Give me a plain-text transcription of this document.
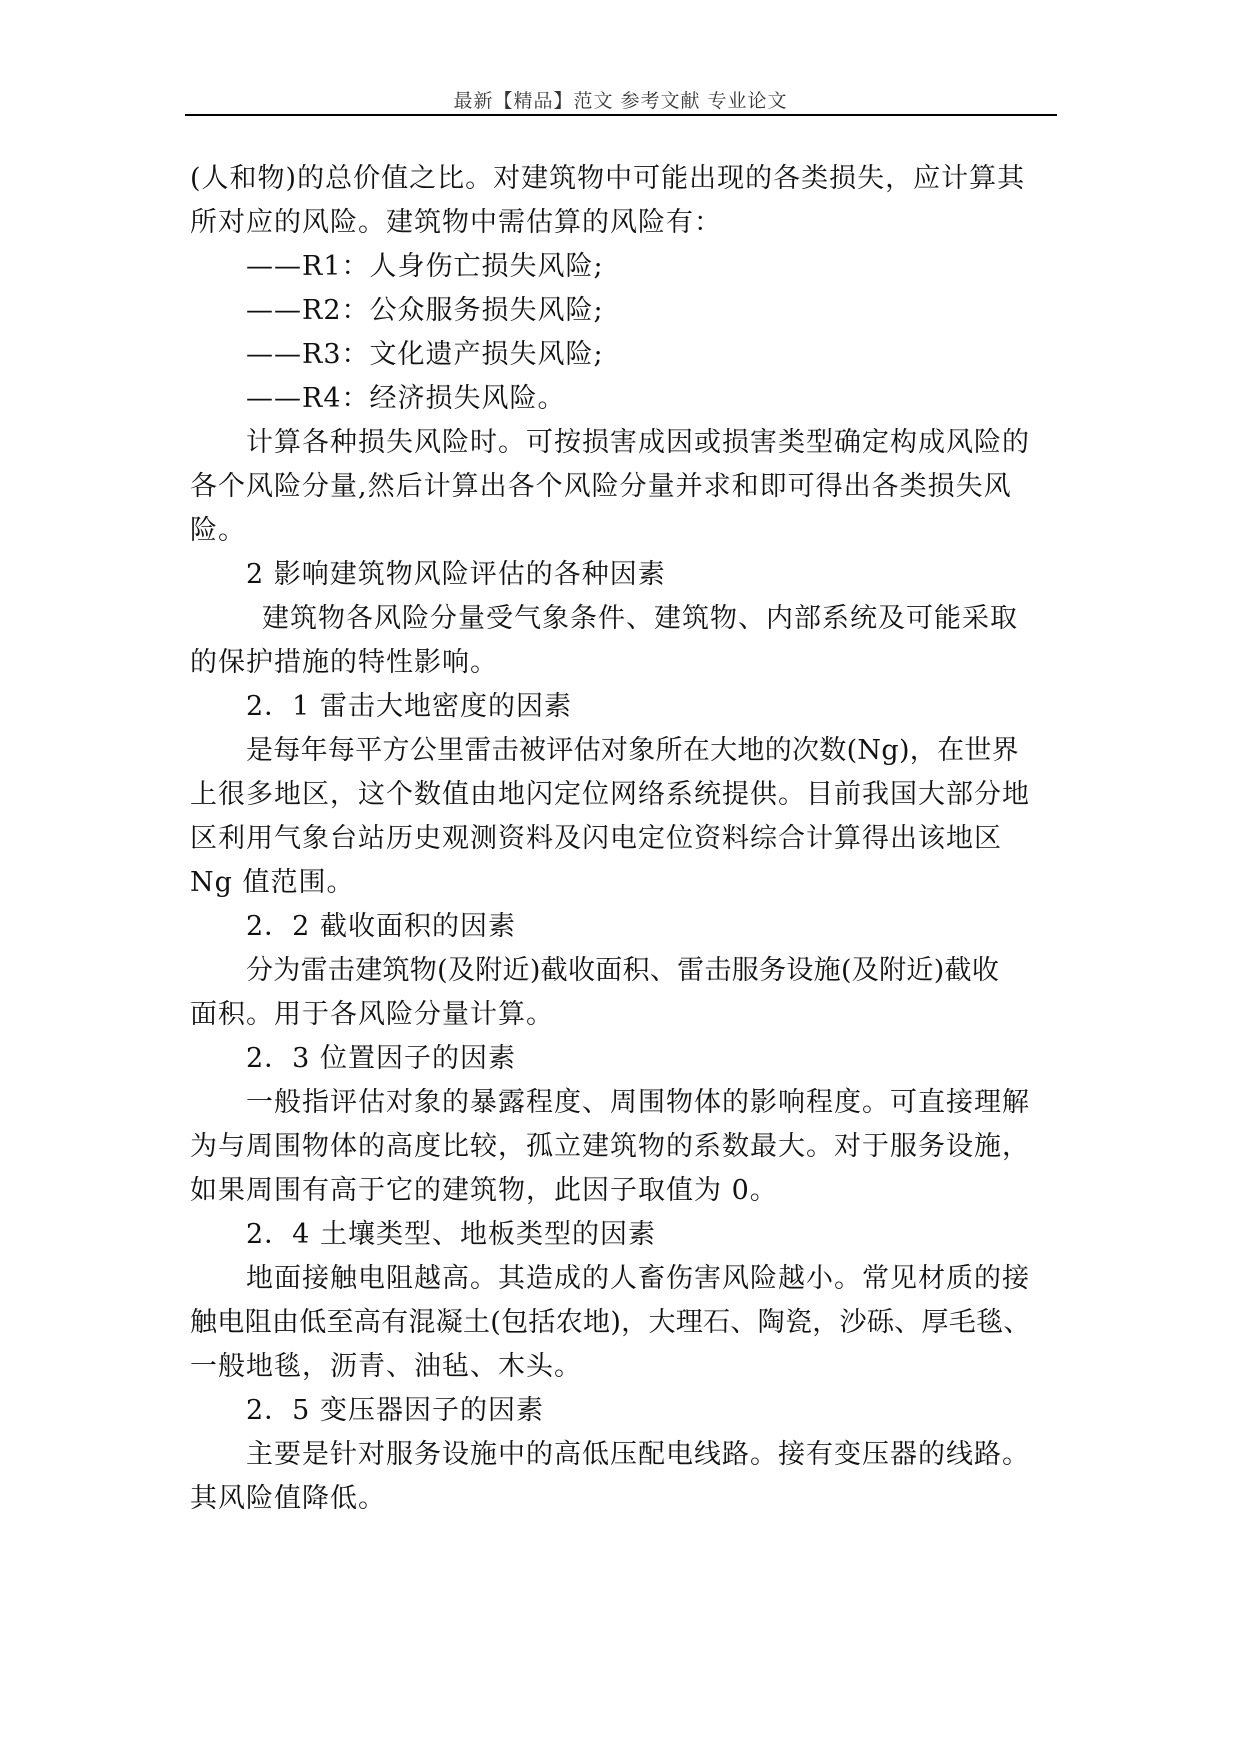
最新【精品】范文 参考文献 专业论文
(人和物)的总价值之比。对建筑物中可能出现的各类损失，应计算其
所对应的风险。建筑物中需估算的风险有：
——R1：人身伤亡损失风险;
——R2：公众服务损失风险;
——R3：文化遗产损失风险;
——R4：经济损失风险。
计算各种损失风险时。可按损害成因或损害类型确定构成风险的
各个风险分量,然后计算出各个风险分量并求和即可得出各类损失风
险。
2 影响建筑物风险评估的各种因素
建筑物各风险分量受气象条件、建筑物、内部系统及可能采取
的保护措施的特性影响。
2．1 雷击大地密度的因素
是每年每平方公里雷击被评估对象所在大地的次数(Ng)，在世界
上很多地区，这个数值由地闪定位网络系统提供。目前我国大部分地
区利用气象台站历史观测资料及闪电定位资料综合计算得出该地区
Ng 值范围。
2．2 截收面积的因素
分为雷击建筑物(及附近)截收面积、雷击服务设施(及附近)截收
面积。用于各风险分量计算。
2．3 位置因子的因素
一般指评估对象的暴露程度、周围物体的影响程度。可直接理解
为与周围物体的高度比较，孤立建筑物的系数最大。对于服务设施，
如果周围有高于它的建筑物，此因子取值为 0。
2．4 土壤类型、地板类型的因素
地面接触电阻越高。其造成的人畜伤害风险越小。常见材质的接
触电阻由低至高有混凝土(包括农地)，大理石、陶瓷，沙砾、厚毛毯、
一般地毯，沥青、油毡、木头。
2．5 变压器因子的因素
主要是针对服务设施中的高低压配电线路。接有变压器的线路。
其风险值降低。
